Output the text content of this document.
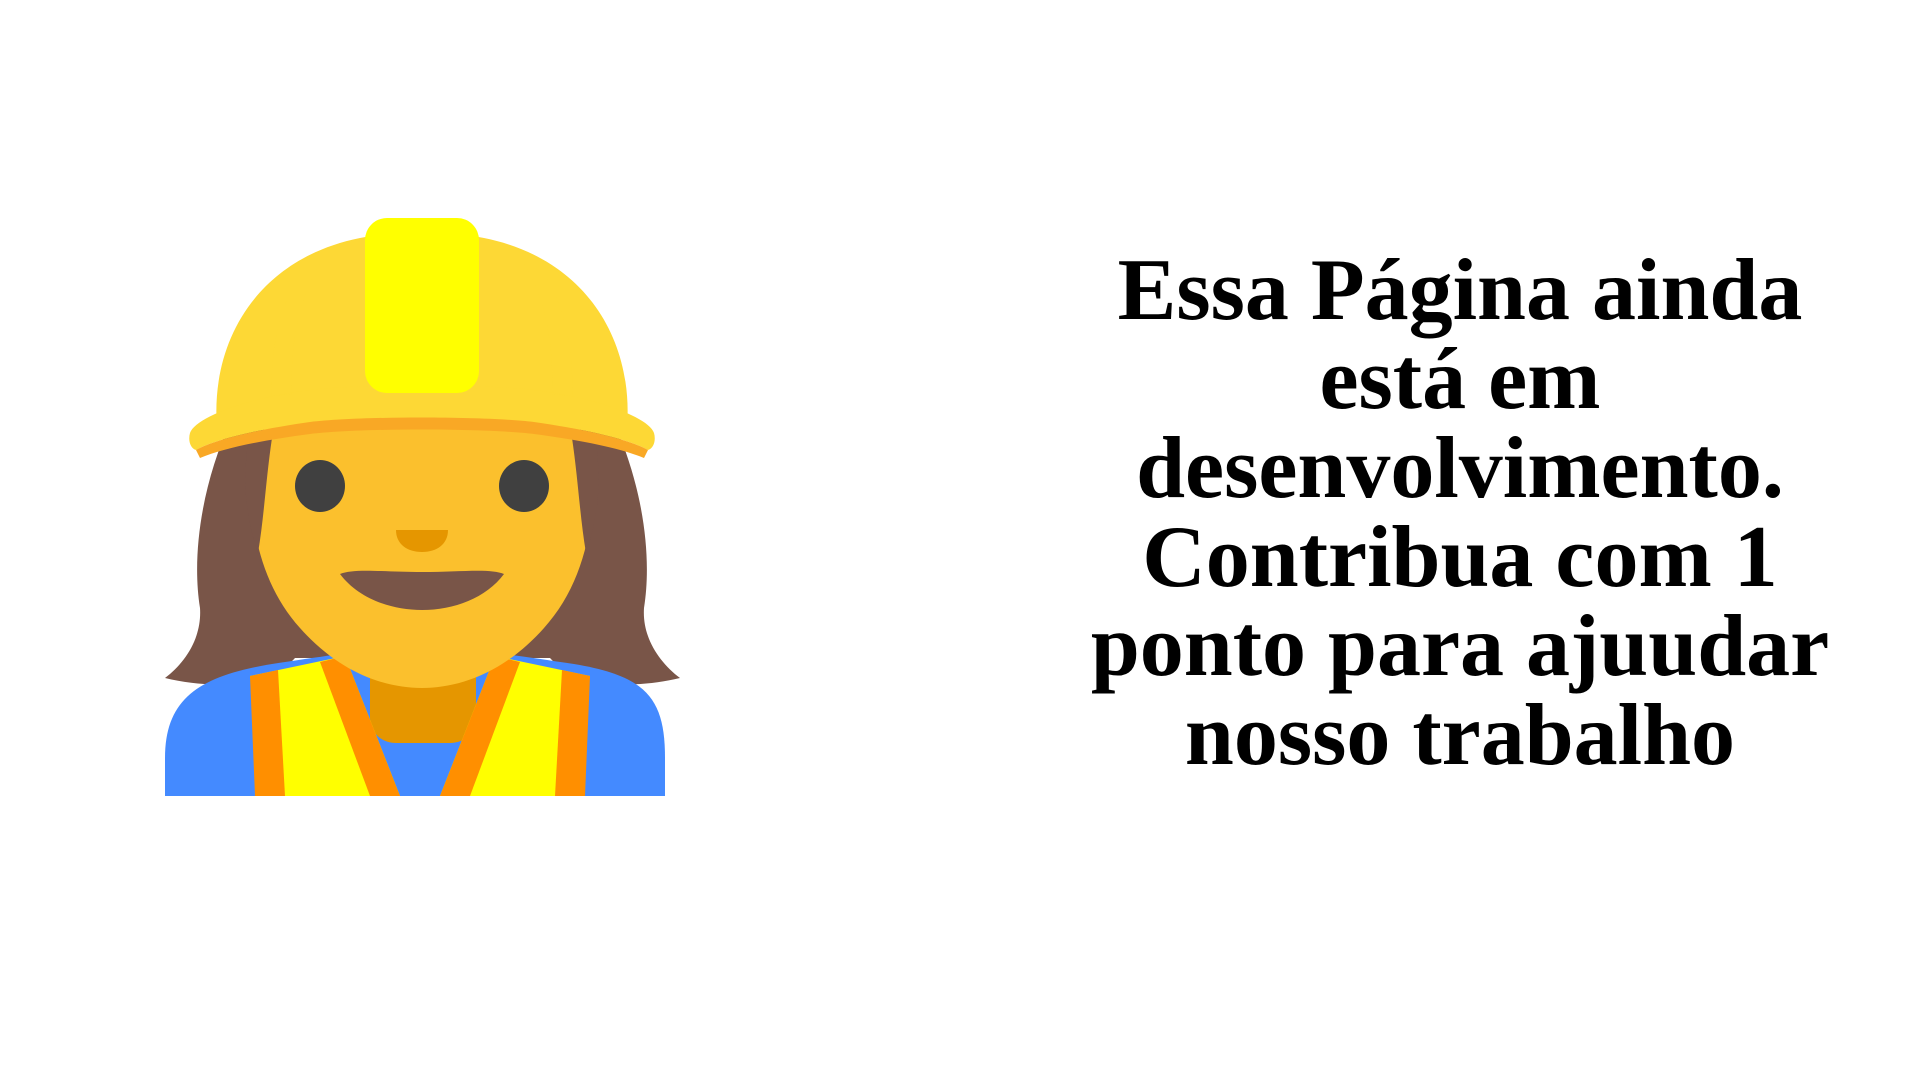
Essa Página ainda
está em
desenvolvimento.
Contribua com 1
ponto para ajuudar
nosso trabalho
